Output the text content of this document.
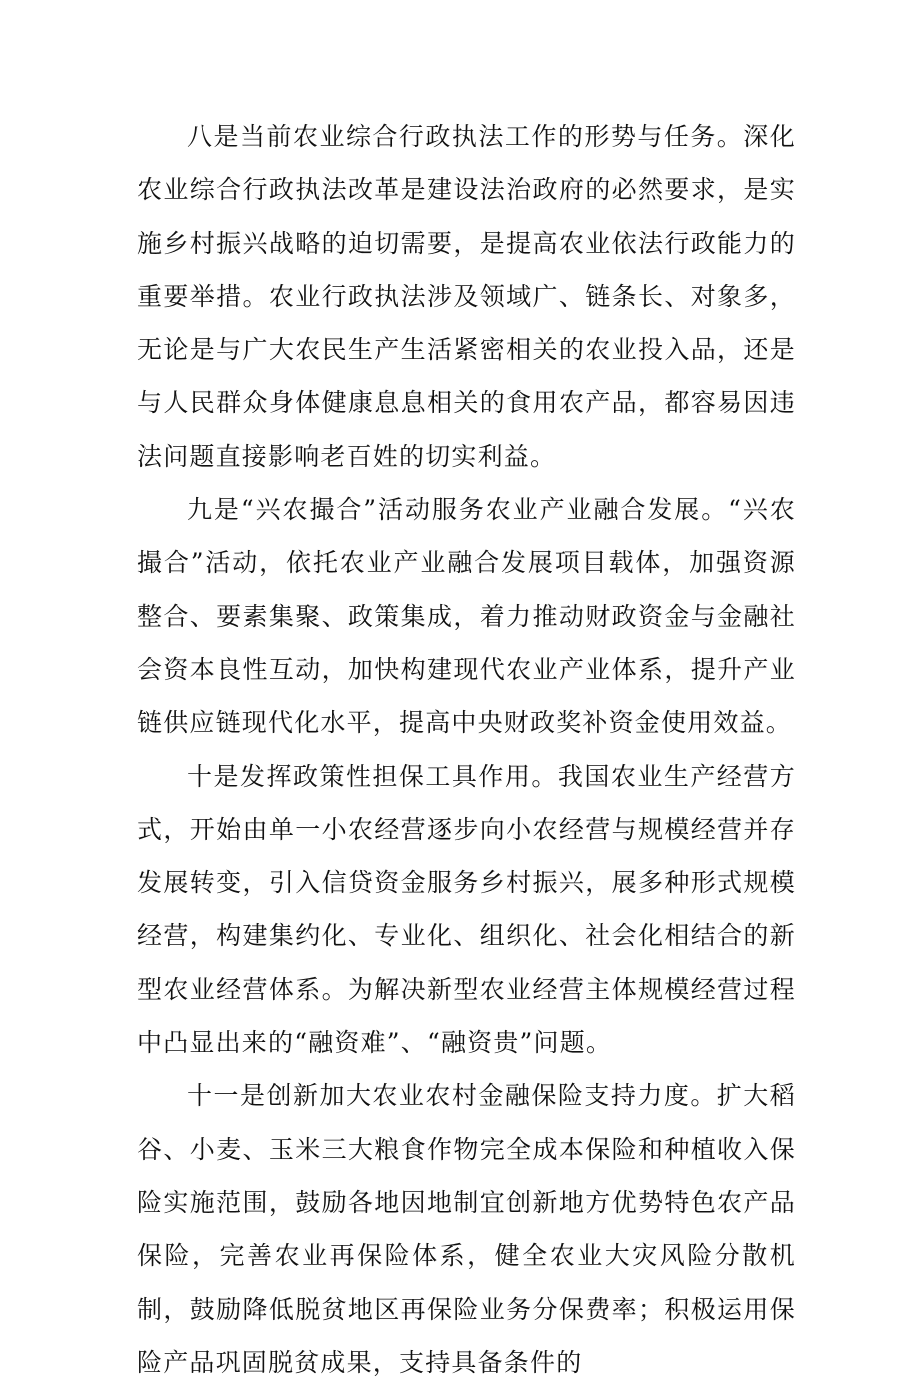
八是当前农业综合行政执法工作的形势与任务。深化农业综合行政执法改革是建设法治政府的必然要求，是实施乡村振兴战略的迫切需要，是提高农业依法行政能力的重要举措。农业行政执法涉及领域广、链条长、对象多，无论是与广大农民生产生活紧密相关的农业投入品，还是与人民群众身体健康息息相关的食用农产品，都容易因违法问题直接影响老百姓的切实利益。

九是“兴农撮合”活动服务农业产业融合发展。“兴农撮合”活动，依托农业产业融合发展项目载体，加强资源整合、要素集聚、政策集成，着力推动财政资金与金融社会资本良性互动，加快构建现代农业产业体系，提升产业链供应链现代化水平，提高中央财政奖补资金使用效益。

十是发挥政策性担保工具作用。我国农业生产经营方式，开始由单一小农经营逐步向小农经营与规模经营并存发展转变，引入信贷资金服务乡村振兴，展多种形式规模经营，构建集约化、专业化、组织化、社会化相结合的新型农业经营体系。为解决新型农业经营主体规模经营过程中凸显出来的“融资难”、“融资贵”问题。

十一是创新加大农业农村金融保险支持力度。扩大稻谷、小麦、玉米三大粮食作物完全成本保险和种植收入保险实施范围，鼓励各地因地制宜创新地方优势特色农产品保险，完善农业再保险体系，健全农业大灾风险分散机制，鼓励降低脱贫地区再保险业务分保费率；积极运用保险产品巩固脱贫成果，支持具备条件的
